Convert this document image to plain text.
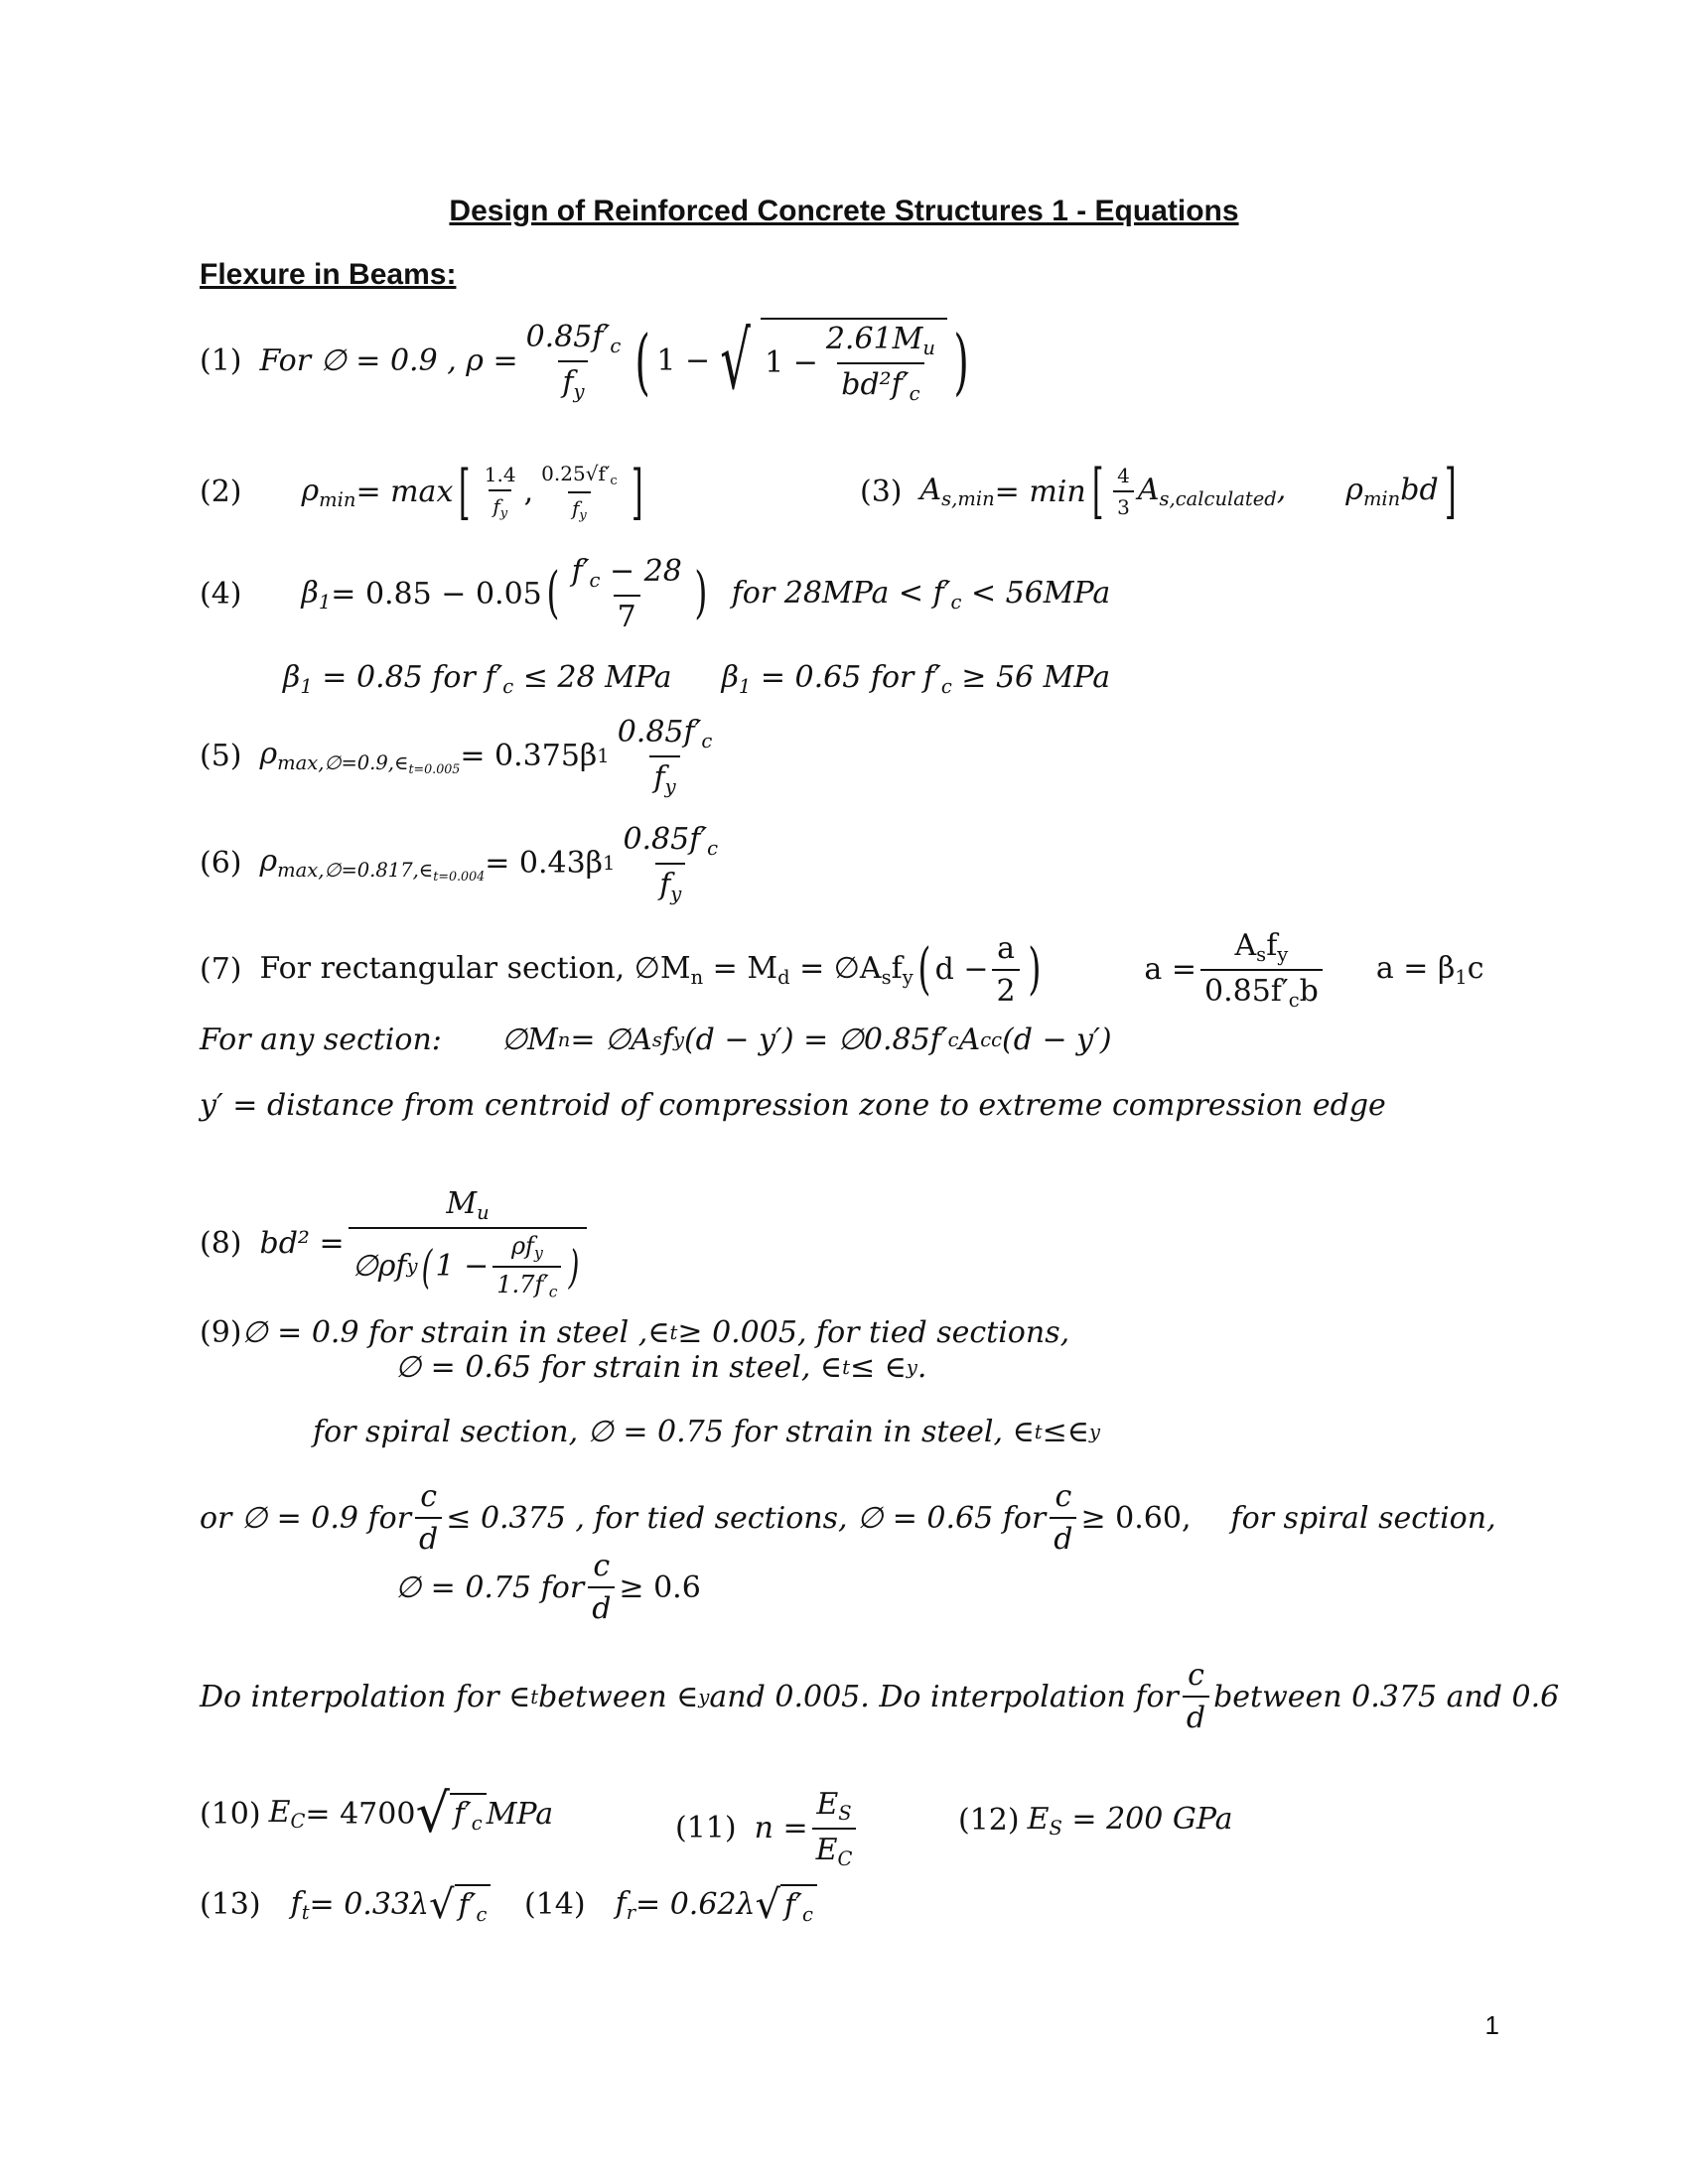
Design of Reinforced Concrete Structures 1 - Equations
Flexure in Beams:
(1) For ∅ = 0.9 , $\rho = \frac{0.85f'_c}{f_y}$ ( 1 − √ $1 - \frac{2.61M_u}{bd^2f'_c}$ )
(2) $\rho_{min} = \max$ [ $\frac{1.4}{f_y}$ , $\frac{0.25√f'_c}{f_y}$ ]	(3) $A_{s,min} = \min$ [ $\frac{4}{3} A_{s,calculated}$, $\rho_{min}bd$ ]
(4) $\beta_1 = 0.85 - 0.05$ ( $\frac{f'_c - 28}{7}$ ) for $28MPa < f'_c < 56MPa$
$\beta_1 = 0.85$ for $f'_c \le 28$ MPa $\beta_1 = 0.65$ for $f'_c \ge 56$ MPa
(5) $\rho_{max,\emptyset=0.9,\in_{t=0.005}} = 0.375\beta$ $1 \frac{0.85f'_c}{f_y}$
(6) $\rho_{max,\emptyset=0.817,\in_{t=0.004}} = 0.43\beta$ $1 \frac{0.85f'_c}{f_y}$
(7) For rectangular section, $\emptyset M_n = M_d$ = $\emptyset A_sf_y$ ( $d - \frac{a}{2}$ )	$a = \frac{A_sf_y}{0.85f'_cb}$ $a = \beta_1c$
For any section: ∅M n = ∅A s f y (d − y′) = ∅0.85f′ c A cc (d − y′)
y′ = distance from centroid of compression zone to extreme compression edge
(8) bd² =
$M_u$
∅ρf y ( $1 - \frac{\rho f_y}{1.7f'_c}$ )
(9) ∅ = 0.9 for strain in steel ,∈ t ≥ 0.005, for tied sections,
∅ = 0.65 for strain in steel, ∈ t ≤ ∈ y .
for spiral section, ∅ = 0.75 for strain in steel, ∈ t ≤∈ y
or ∅ = 0.9 for $\frac{c}{d} \le 0.375$ , for tied sections, ∅ = 0.65 for $\frac{c}{d} \ge 0.60$, for spiral section,
∅ = 0.75 for $\frac{c}{d} \ge 0.6$
Do interpolation for ∈ t between ∈ y and 0.005. Do interpolation for $\frac{c}{d}$ between 0.375 and 0.6
(10) $E_C = 4700$ √ $f'_c$ MPa	(11) $n = \frac{E_S}{E_C}$	(12) $E_S = 200$ GPa
(13) $f_t = 0.33\lambda$ √ $f'_c$ (14) $f_r = 0.62\lambda$ √ $f'_c$
1
